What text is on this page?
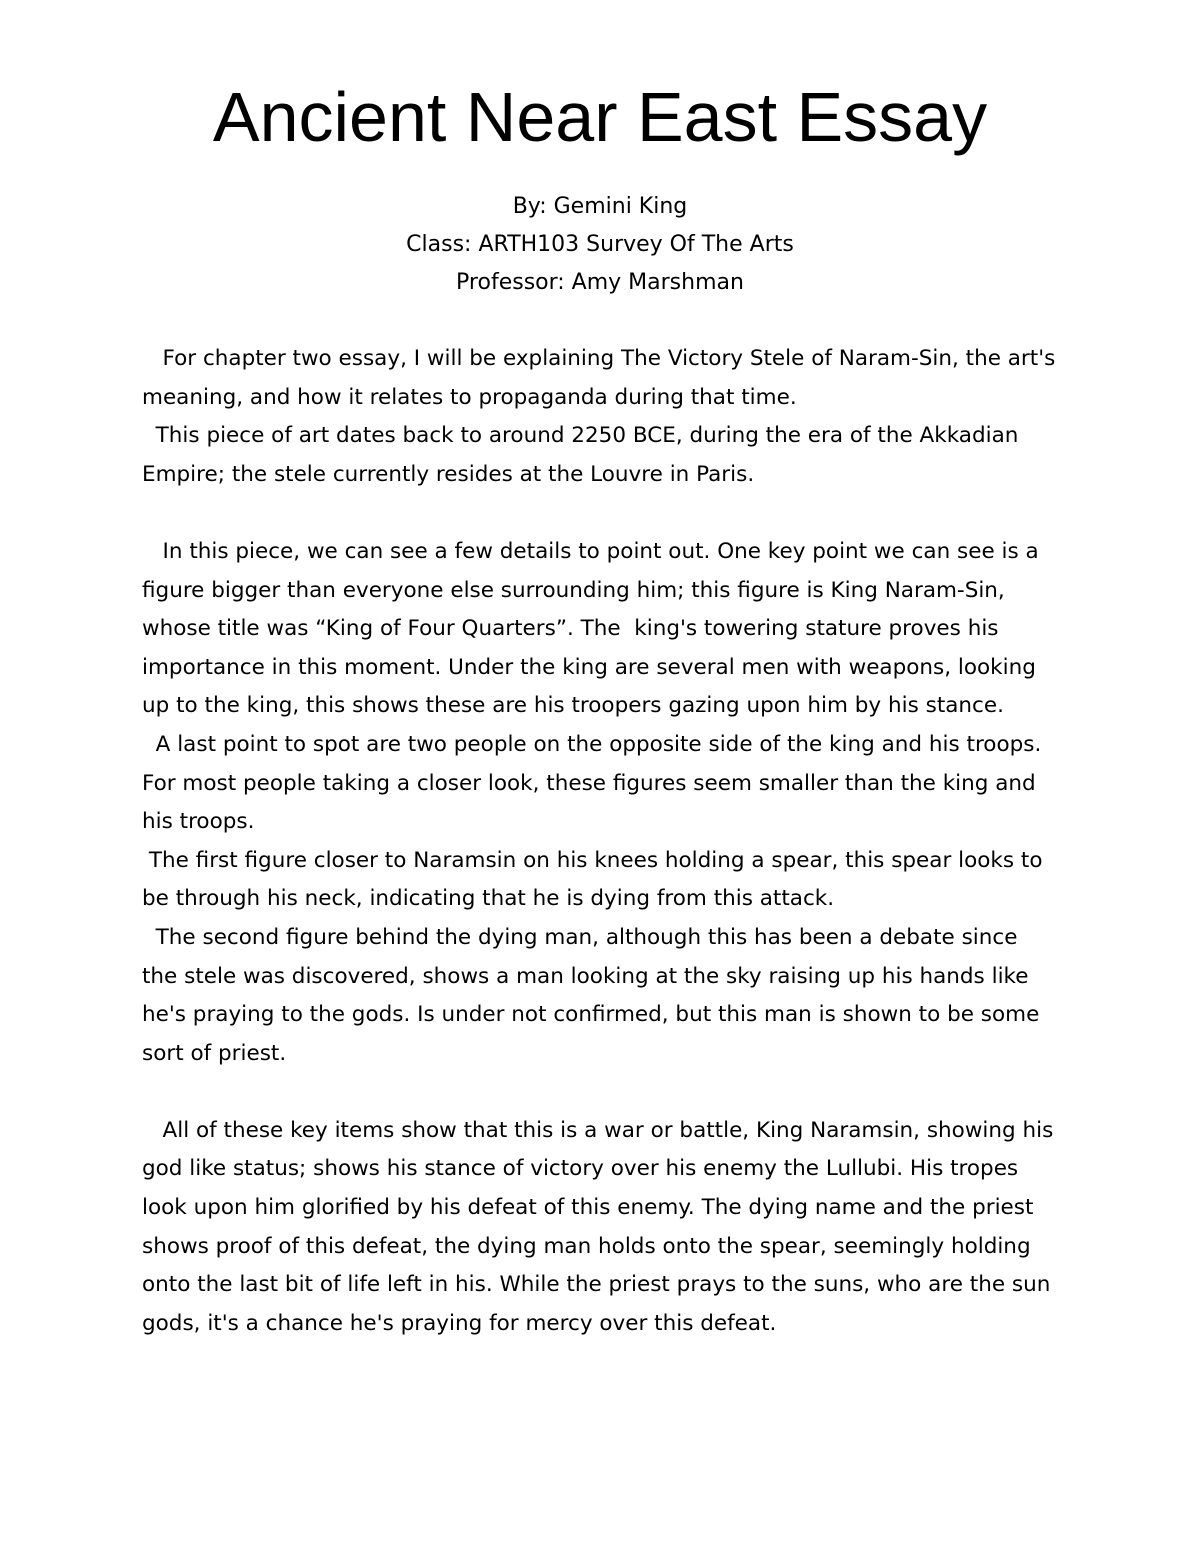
Ancient Near East Essay
By: Gemini King
Class: ARTH103 Survey Of The Arts
Professor: Amy Marshman

For chapter two essay, I will be explaining The Victory Stele of Naram-Sin, the art's meaning, and how it relates to propaganda during that time.

This piece of art dates back to around 2250 BCE, during the era of the Akkadian Empire; the stele currently resides at the Louvre in Paris.

In this piece, we can see a few details to point out. One key point we can see is a figure bigger than everyone else surrounding him; this figure is King Naram-Sin, whose title was “King of Four Quarters”. The  king's towering stature proves his importance in this moment. Under the king are several men with weapons, looking up to the king, this shows these are his troopers gazing upon him by his stance.

A last point to spot are two people on the opposite side of the king and his troops. For most people taking a closer look, these figures seem smaller than the king and his troops.

The first figure closer to Naramsin on his knees holding a spear, this spear looks to be through his neck, indicating that he is dying from this attack.

The second figure behind the dying man, although this has been a debate since the stele was discovered, shows a man looking at the sky raising up his hands like he's praying to the gods. Is under not confirmed, but this man is shown to be some sort of priest.

All of these key items show that this is a war or battle, King Naramsin, showing his god like status; shows his stance of victory over his enemy the Lullubi. His tropes look upon him glorified by his defeat of this enemy. The dying name and the priest shows proof of this defeat, the dying man holds onto the spear, seemingly holding onto the last bit of life left in his. While the priest prays to the suns, who are the sun gods, it's a chance he's praying for mercy over this defeat.
